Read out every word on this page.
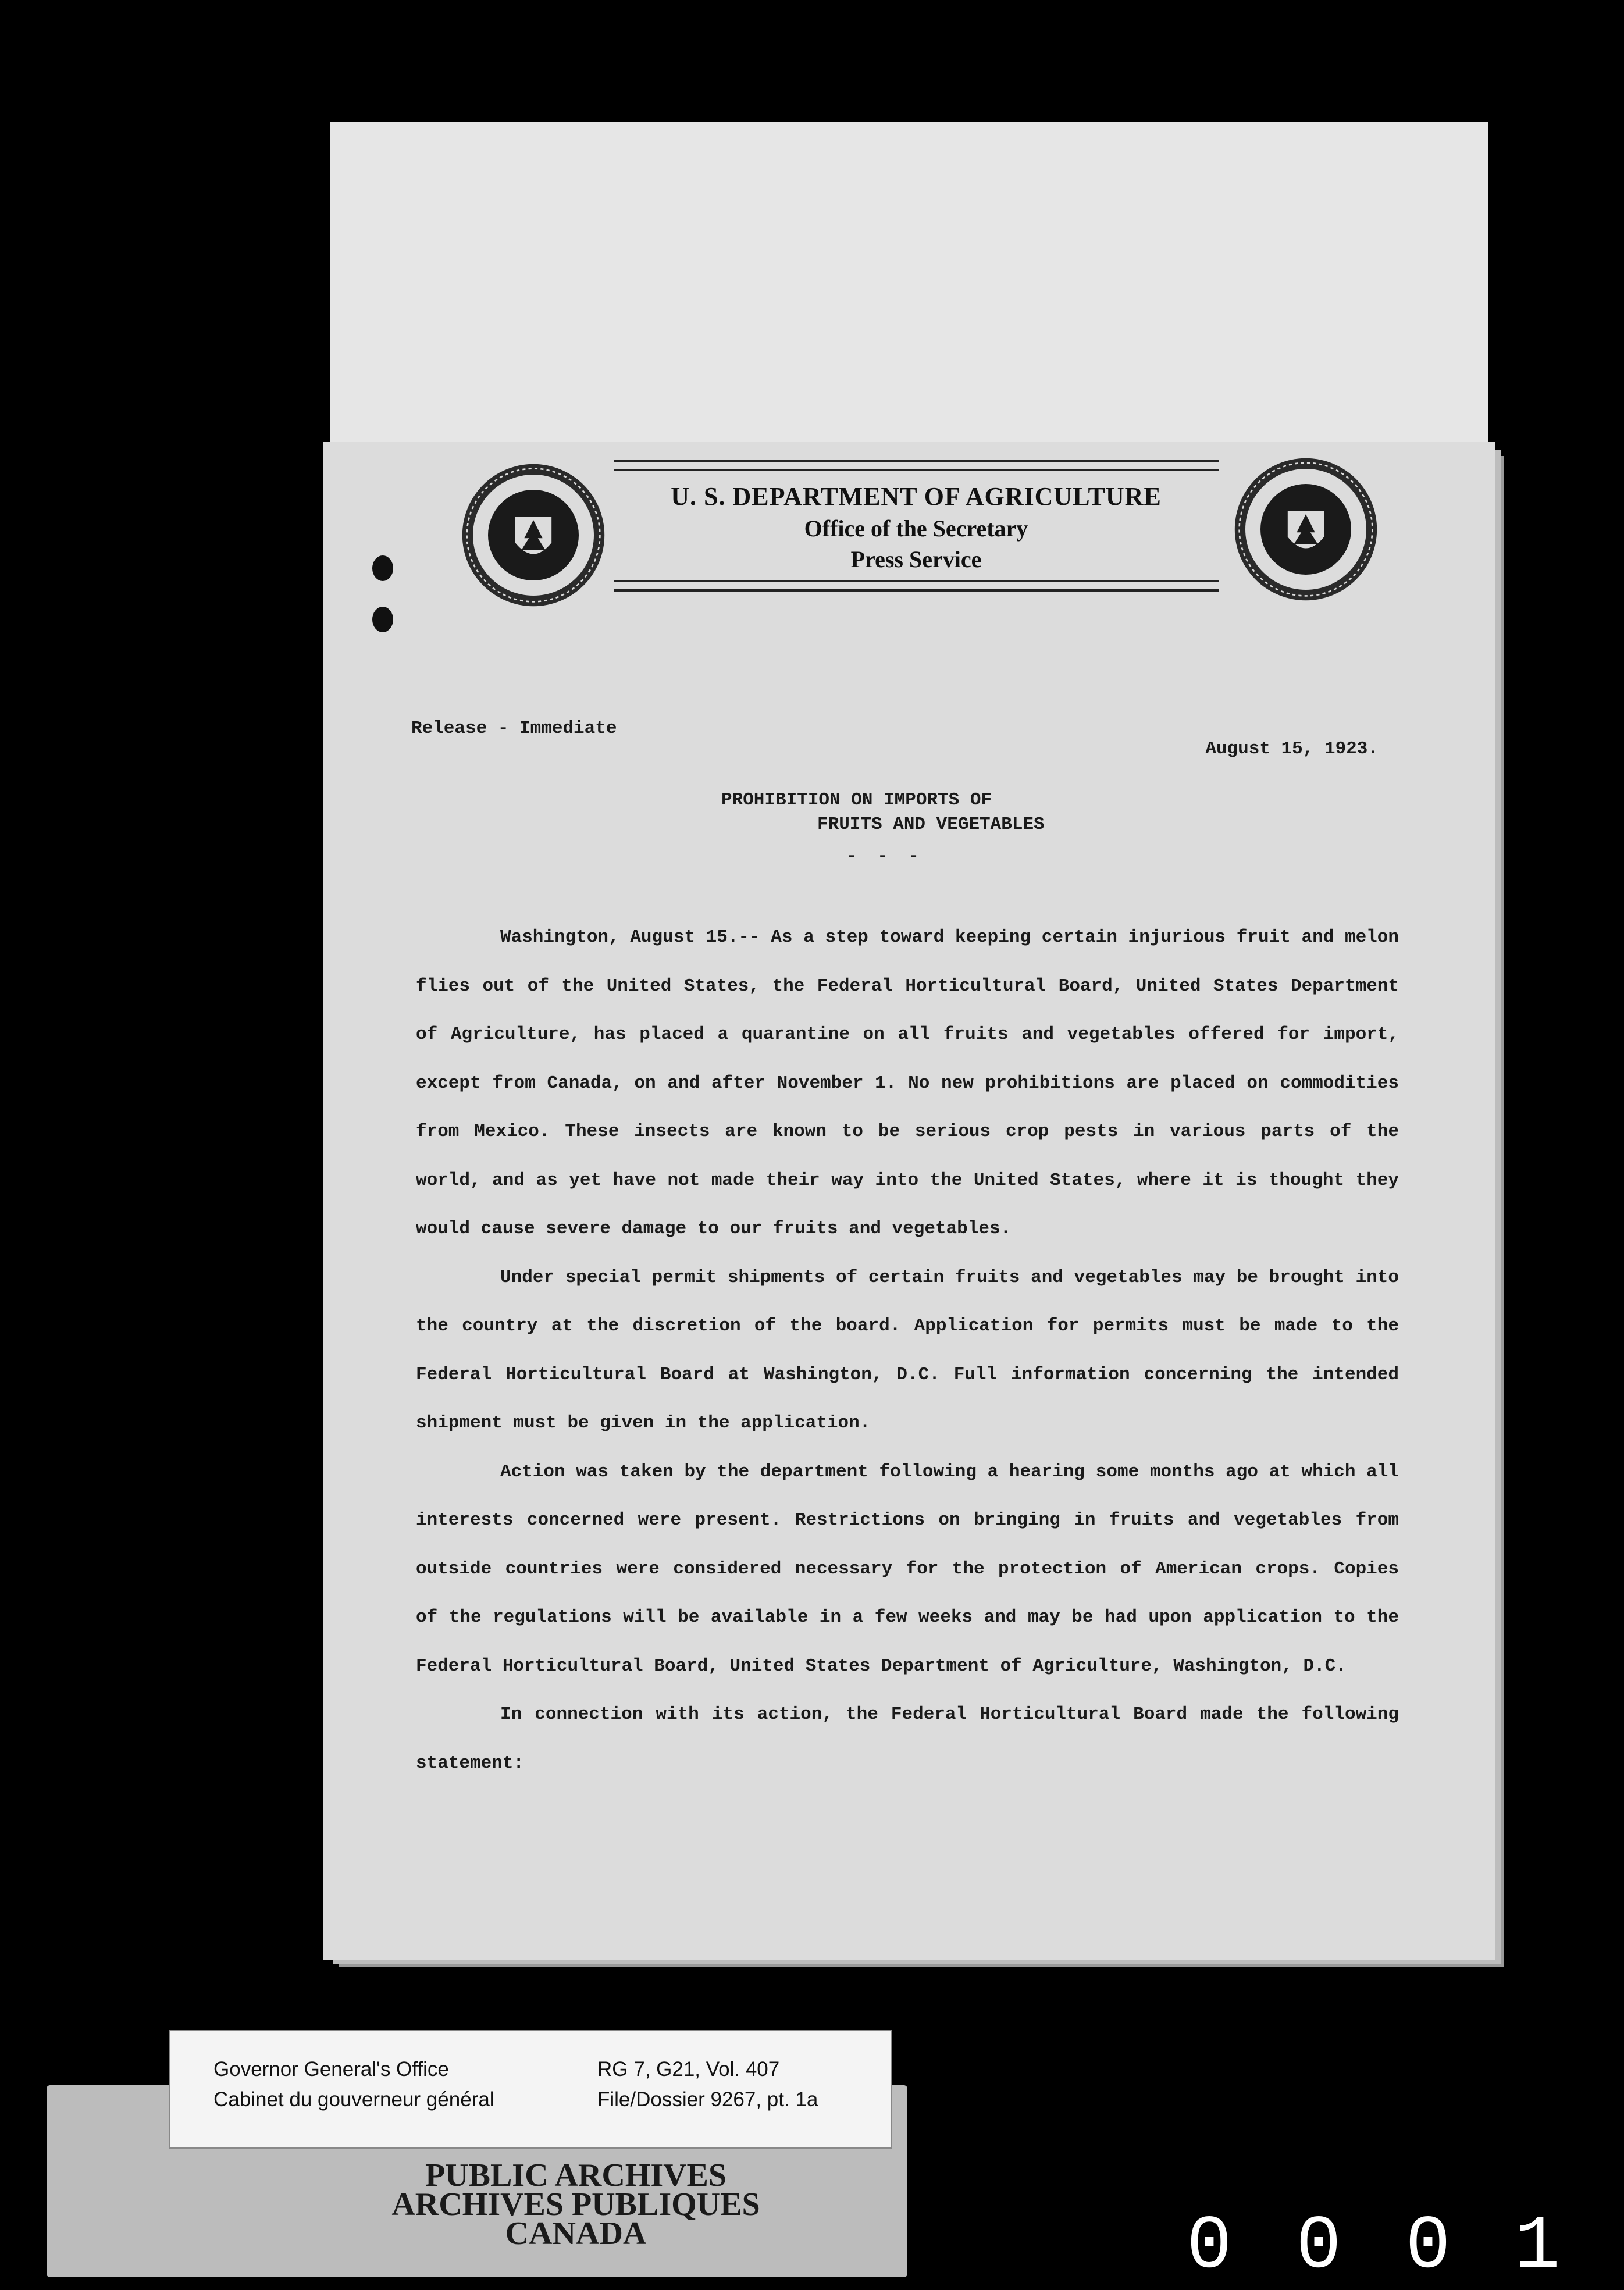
U. S. DEPARTMENT OF AGRICULTURE
Office of the Secretary
Press Service
Release - Immediate
August 15, 1923.
PROHIBITION ON IMPORTS OF
FRUITS AND VEGETABLES
- - -

Washington, August 15.-- As a step toward keeping certain injurious fruit and melon flies out of the United States, the Federal Horticultural Board, United States Department of Agriculture, has placed a quarantine on all fruits and vegetables offered for import, except from Canada, on and after November 1. No new prohibitions are placed on commodities from Mexico. These insects are known to be serious crop pests in various parts of the world, and as yet have not made their way into the United States, where it is thought they would cause severe damage to our fruits and vegetables.

Under special permit shipments of certain fruits and vegetables may be brought into the country at the discretion of the board. Application for permits must be made to the Federal Horticultural Board at Washington, D.C. Full information concerning the intended shipment must be given in the application.

Action was taken by the department following a hearing some months ago at which all interests concerned were present. Restrictions on bringing in fruits and vegetables from outside countries were considered necessary for the protection of American crops. Copies of the regulations will be available in a few weeks and may be had upon application to the Federal Horticultural Board, United States Department of Agriculture, Washington, D.C.

In connection with its action, the Federal Horticultural Board made the following statement:

PUBLIC ARCHIVES
ARCHIVES PUBLIQUES
CANADA
Governor General's Office
Cabinet du gouverneur général
RG 7, G21, Vol. 407
File/Dossier 9267, pt. 1a
0001
